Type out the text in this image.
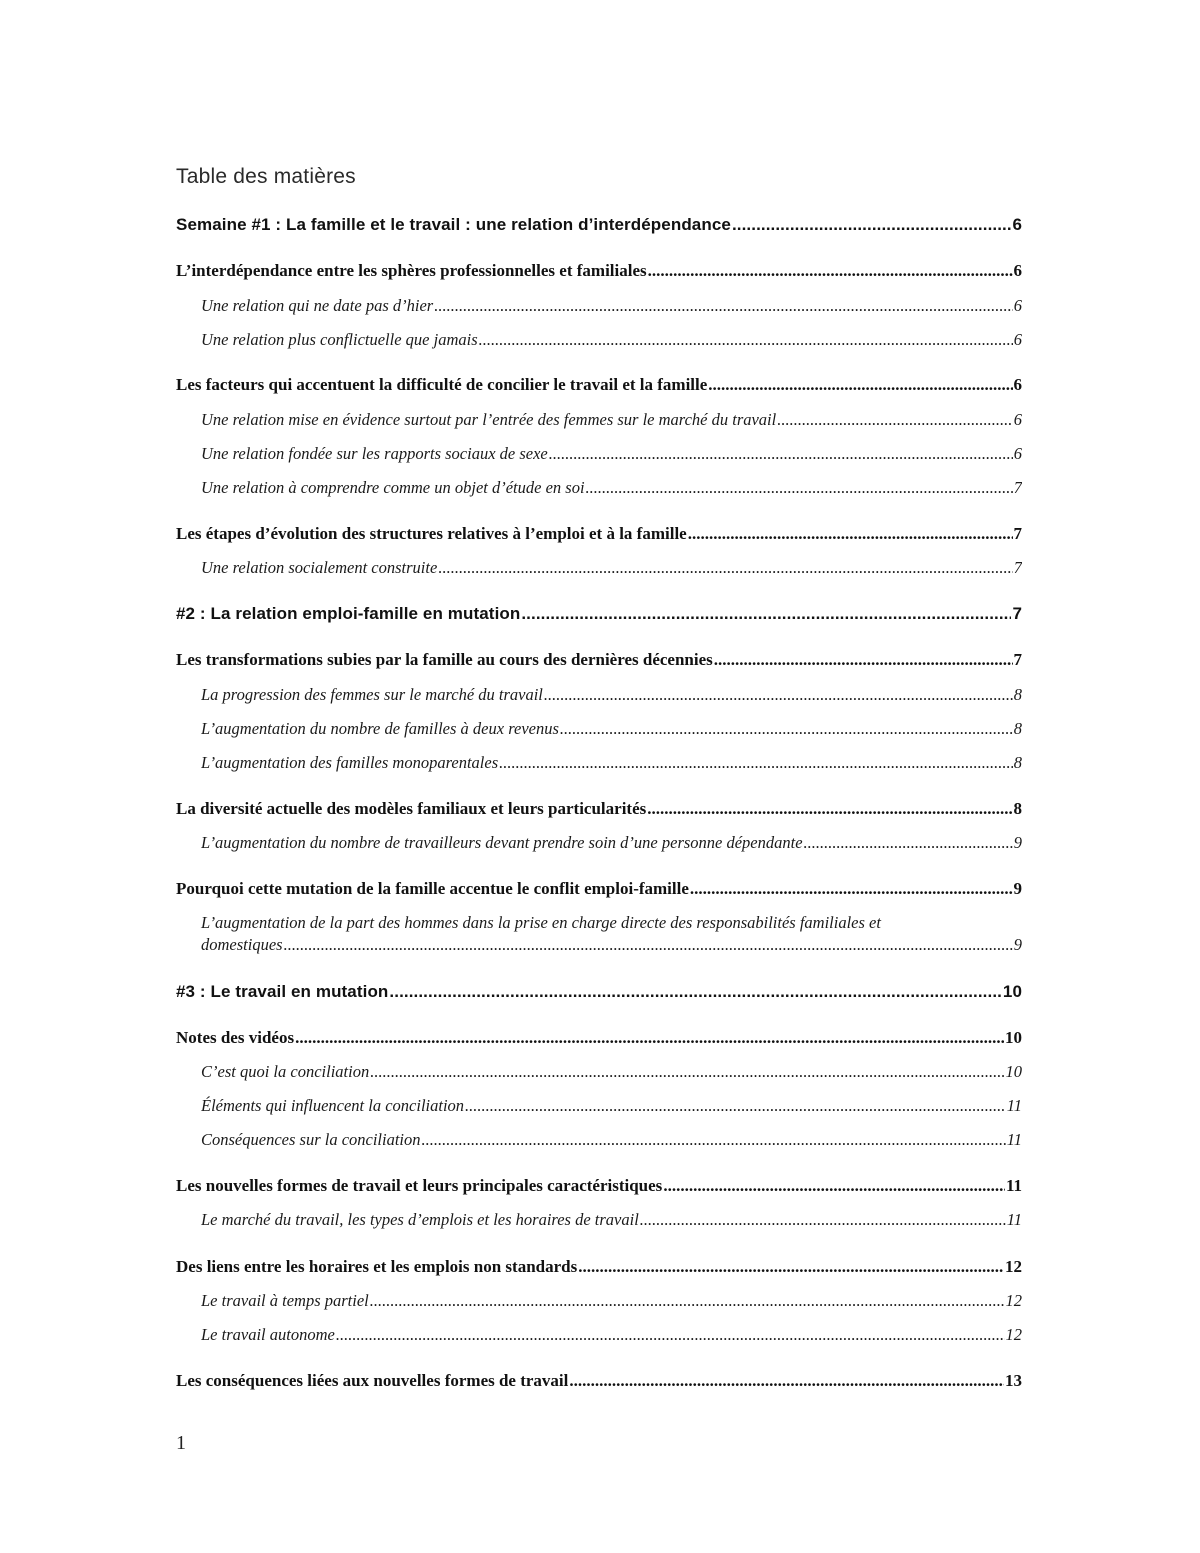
Table des matières
Semaine #1 : La famille et le travail : une relation d’interdépendance .....	6
L’interdépendance entre les sphères professionnelles et familiales .....	6
Une relation qui ne date pas d’hier .....	6
Une relation plus conflictuelle que jamais .....	6
Les facteurs qui accentuent la difficulté de concilier le travail et la famille .....	6
Une relation mise en évidence surtout par l’entrée des femmes sur le marché du travail .....	6
Une relation fondée sur les rapports sociaux de sexe .....	6
Une relation à comprendre comme un objet d’étude en soi .....	7
Les étapes d’évolution des structures relatives à l’emploi et à la famille .....	7
Une relation socialement construite .....	7
#2 : La relation emploi-famille en mutation .....	7
Les transformations subies par la famille au cours des dernières décennies .....	7
La progression des femmes sur le marché du travail .....	8
L’augmentation du nombre de familles à deux revenus .....	8
L’augmentation des familles monoparentales .....	8
La diversité actuelle des modèles familiaux et leurs particularités .....	8
L’augmentation du nombre de travailleurs devant prendre soin d’une personne dépendante .....	9
Pourquoi cette mutation de la famille accentue le conflit emploi-famille .....	9
L’augmentation de la part des hommes dans la prise en charge directe des responsabilités familiales et
domestiques .....	9
#3 : Le travail en mutation .....	10
Notes des vidéos .....	10
C’est quoi la conciliation .....	10
Éléments qui influencent la conciliation .....	11
Conséquences sur la conciliation .....	11
Les nouvelles formes de travail et leurs principales caractéristiques .....	11
Le marché du travail, les types d’emplois et les horaires de travail .....	11
Des liens entre les horaires et les emplois non standards .....	12
Le travail à temps partiel .....	12
Le travail autonome .....	12
Les conséquences liées aux nouvelles formes de travail .....	13
1
